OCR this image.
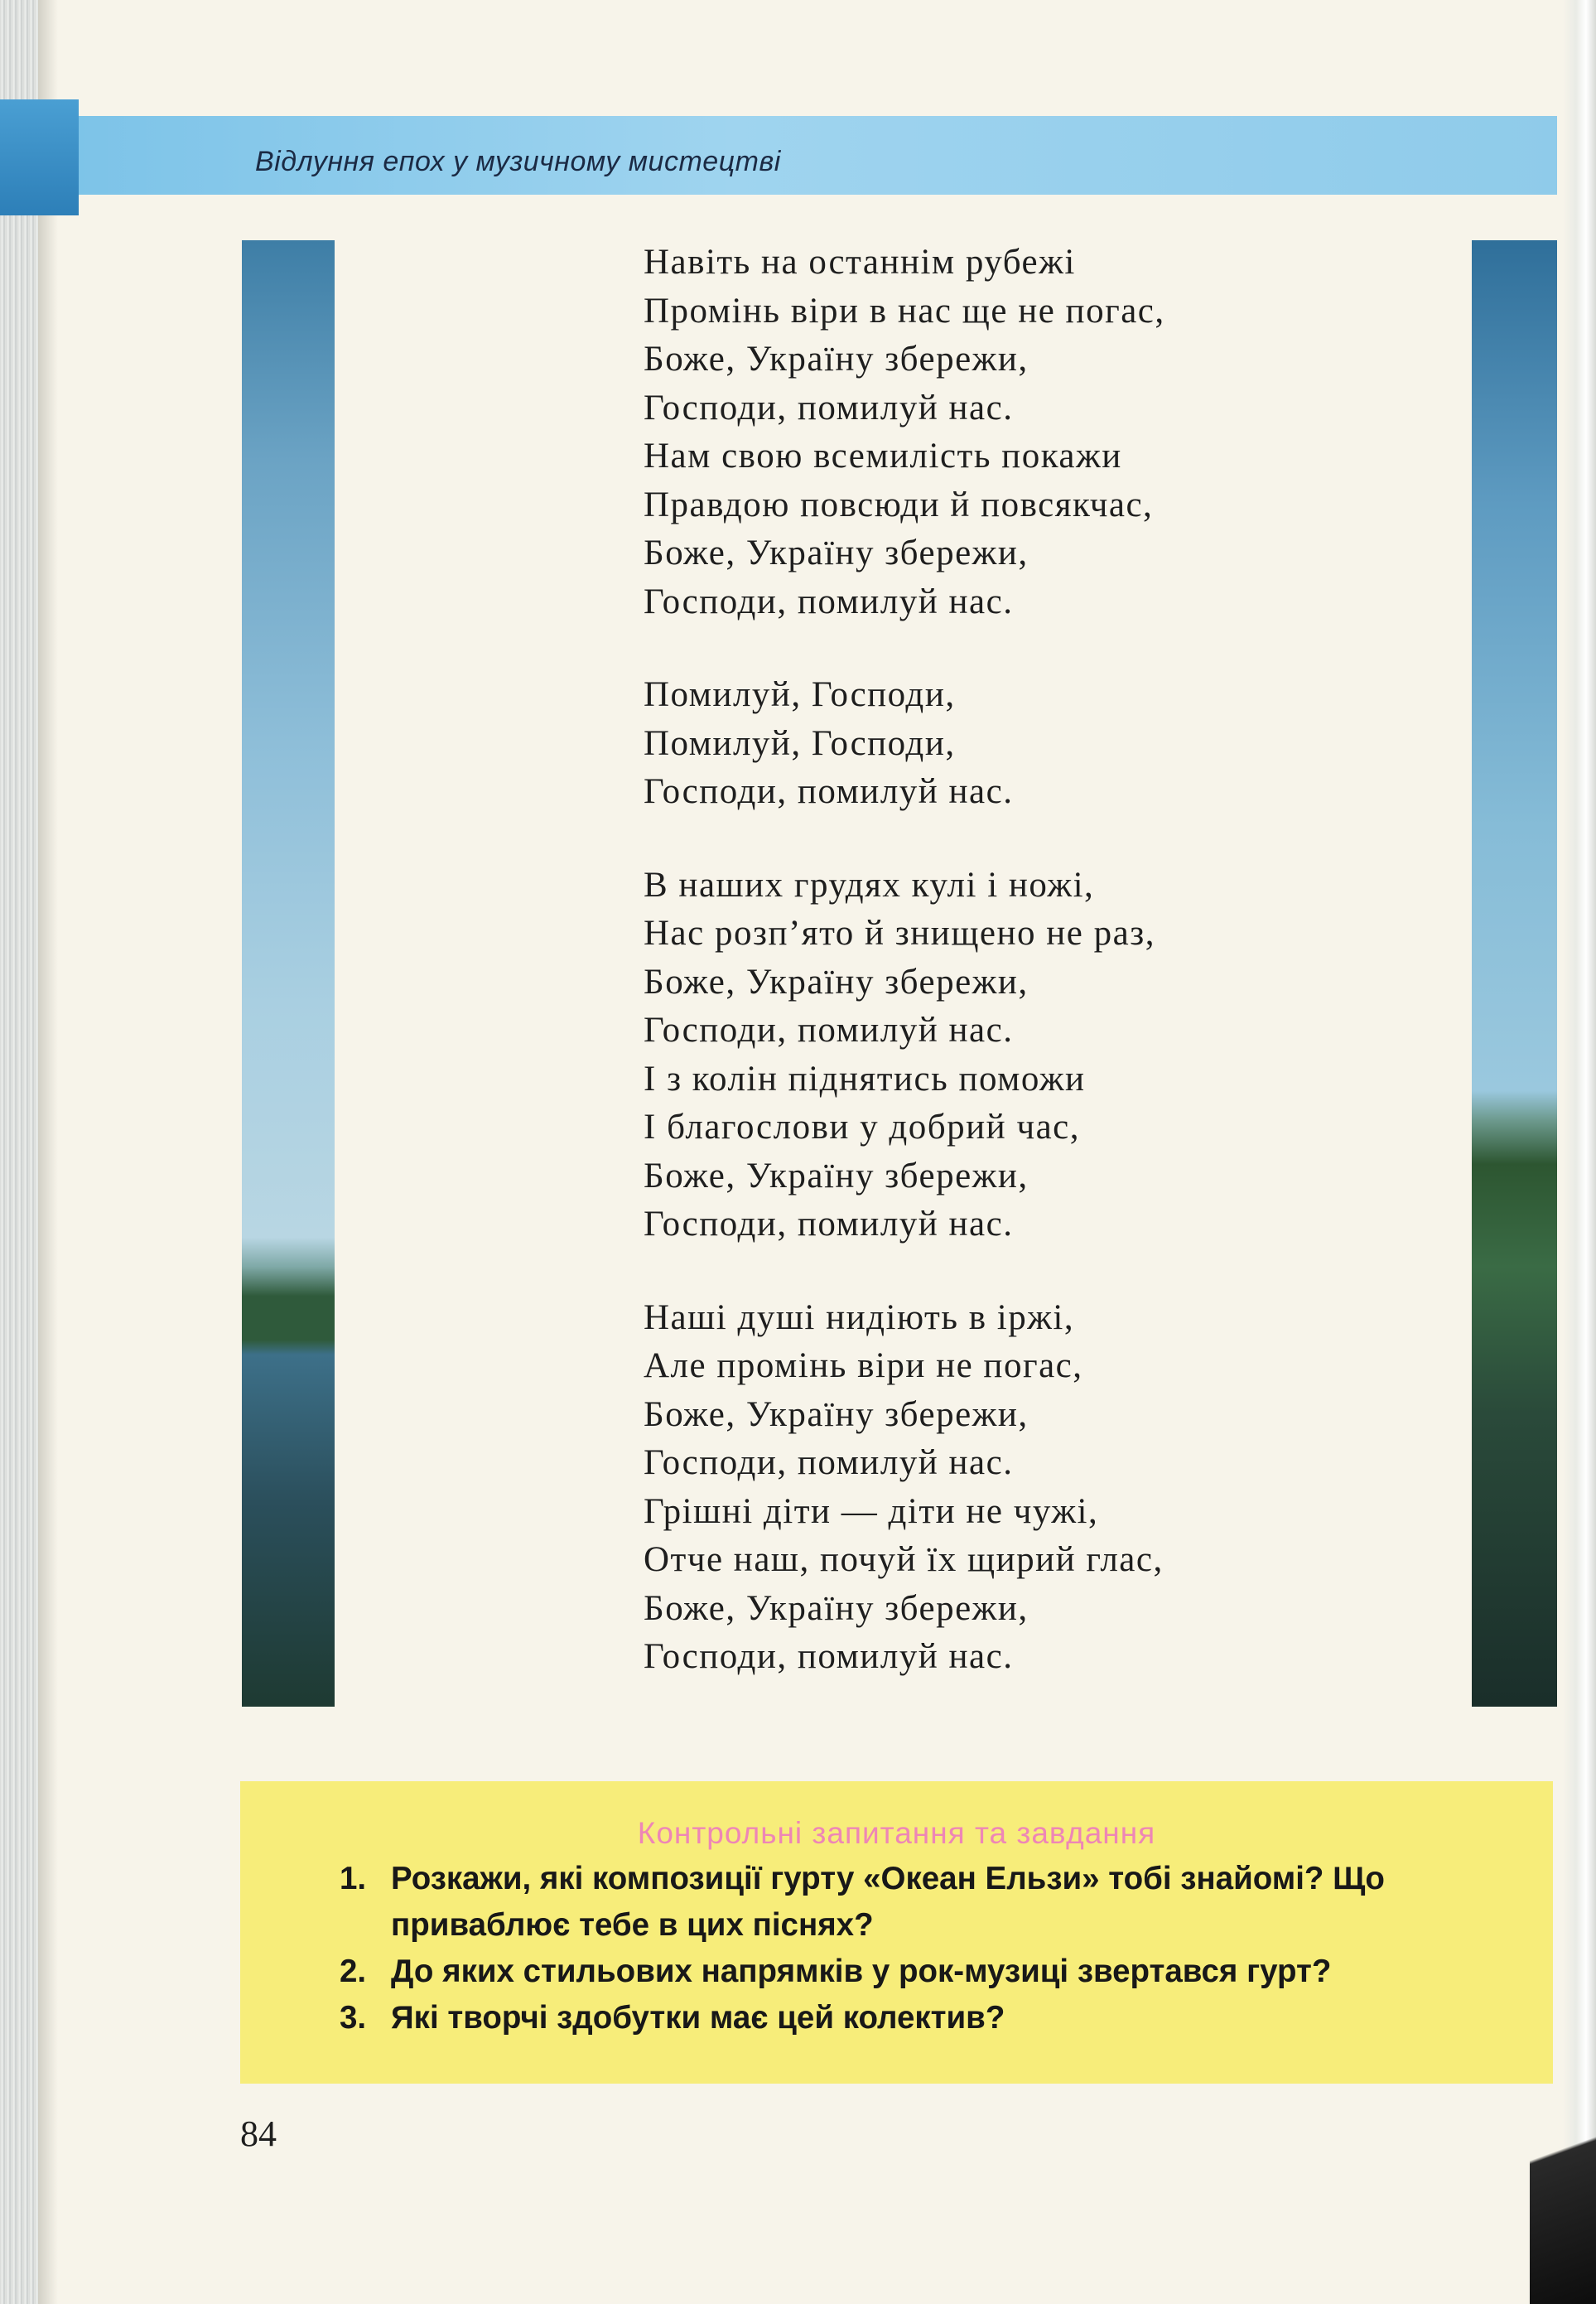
Відлуння епох у музичному мистецтві
Навіть на останнім рубежі
Промінь віри в нас ще не погас,
Боже, Україну збережи,
Господи, помилуй нас.
Нам свою всемилість покажи
Правдою повсюди й повсякчас,
Боже, Україну збережи,
Господи, помилуй нас.
Помилуй, Господи,
Помилуй, Господи,
Господи, помилуй нас.
В наших грудях кулі і ножі,
Нас розп’ято й знищено не раз,
Боже, Україну збережи,
Господи, помилуй нас.
І з колін піднятись поможи
І благослови у добрий час,
Боже, Україну збережи,
Господи, помилуй нас.
Наші душі нидіють в іржі,
Але промінь віри не погас,
Боже, Україну збережи,
Господи, помилуй нас.
Грішні діти — діти не чужі,
Отче наш, почуй їх щирий глас,
Боже, Україну збережи,
Господи, помилуй нас.
Контрольні запитання та завдання
1. Розкажи, які композиції гурту «Океан Ельзи» тобі знайомі? Що приваблює тебе в цих піснях?
2. До яких стильових напрямків у рок-музиці звертався гурт?
3. Які творчі здобутки має цей колектив?
84
